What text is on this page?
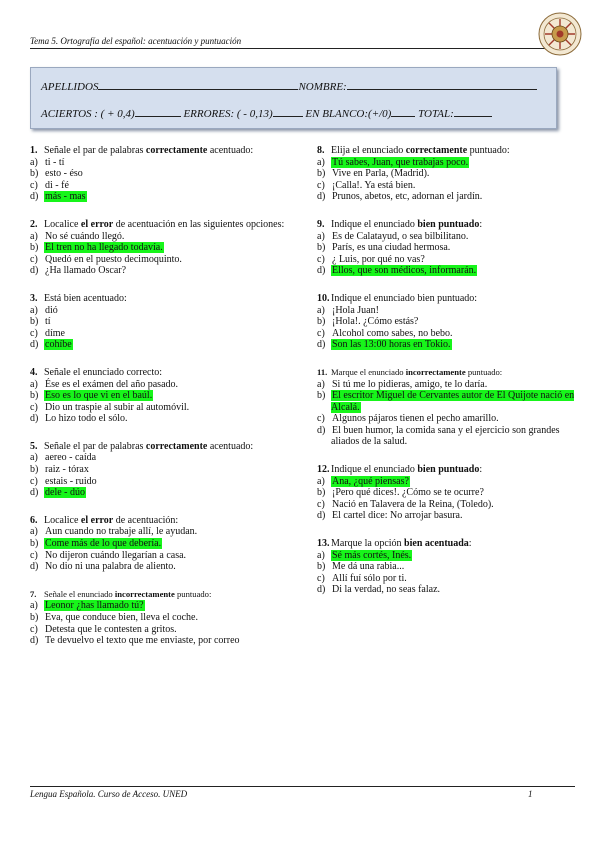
Tema 5. Ortografía del español: acentuación y puntuación
APELLIDOS	NOMBRE:
ACIERTOS : ( + 0,4)	ERRORES: ( - 0,13)	EN BLANCO:(+/0) TOTAL:
1. Señale el par de palabras correctamente acentuado:
a) ti - tí
b) esto - éso
c) di - fé
d) más - mas
2. Localice el error de acentuación en las siguientes opciones:
a) No sé cuándo llegó.
b) El tren no ha llegado todavía.
c) Quedó en el puesto decimoquinto.
d) ¿Ha llamado Oscar?
3. Está bien acentuado:
a) dió
b) tí
c) díme
d) cohíbe
4. Señale el enunciado correcto:
a) Ése es el exámen del año pasado.
b) Eso es lo que vi en el baúl.
c) Dio un traspie al subir al automóvil.
d) Lo hizo todo el sólo.
5. Señale el par de palabras correctamente acentuado:
a) aereo - caída
b) raiz - tórax
c) estais - ruido
d) dele - dúo
6. Localice el error de acentuación:
a) Aun cuando no trabaje allí, le ayudan.
b) Come más de lo que debería.
c) No dijeron cuándo llegarían a casa.
d) No dio ni una palabra de aliento.
7. Señale el enunciado incorrectamente puntuado:
a) Leonor ¿has llamado tú?
b) Eva, que conduce bien, lleva el coche.
c) Detesta que le contesten a gritos.
d) Te devuelvo el texto que me enviaste, por correo
8. Elija el enunciado correctamente puntuado:
a) Tú sabes, Juan, que trabajas poco.
b) Vive en Parla, (Madrid).
c) ¡Calla!. Ya está bien.
d) Prunos, abetos, etc, adornan el jardín.
9. Indique el enunciado bien puntuado:
a) Es de Calatayud, o sea bilbilitano.
b) París, es una ciudad hermosa.
c) ¿ Luis, por qué no vas?
d) Ellos, que son médicos, informarán.
10. Indique el enunciado bien puntuado:
a) ¡Hola Juan!
b) ¡Hola!. ¿Cómo estás?
c) Alcohol como sabes, no bebo.
d) Son las 13:00 horas en Tokio.
11. Marque el enunciado incorrectamente puntuado:
a) Si tú me lo pidieras, amigo, te lo daría.
b) El escritor Miguel de Cervantes autor de El Quijote nació en Alcalá.
c) Algunos pájaros tienen el pecho amarillo.
d) El buen humor, la comida sana y el ejercicio son grandes aliados de la salud.
12. Indique el enunciado bien puntuado:
a) Ana, ¿qué piensas?
b) ¡Pero qué dices!. ¿Cómo se te ocurre?
c) Nació en Talavera de la Reina, (Toledo).
d) El cartel dice: No arrojar basura.
13. Marque la opción bien acentuada:
a) Sé más cortés, Inés.
b) Me dá una rabia...
c) Allí fuí sólo por ti.
d) Di la verdad, no seas falaz.
Lengua Española. Curso de Acceso. UNED	1
